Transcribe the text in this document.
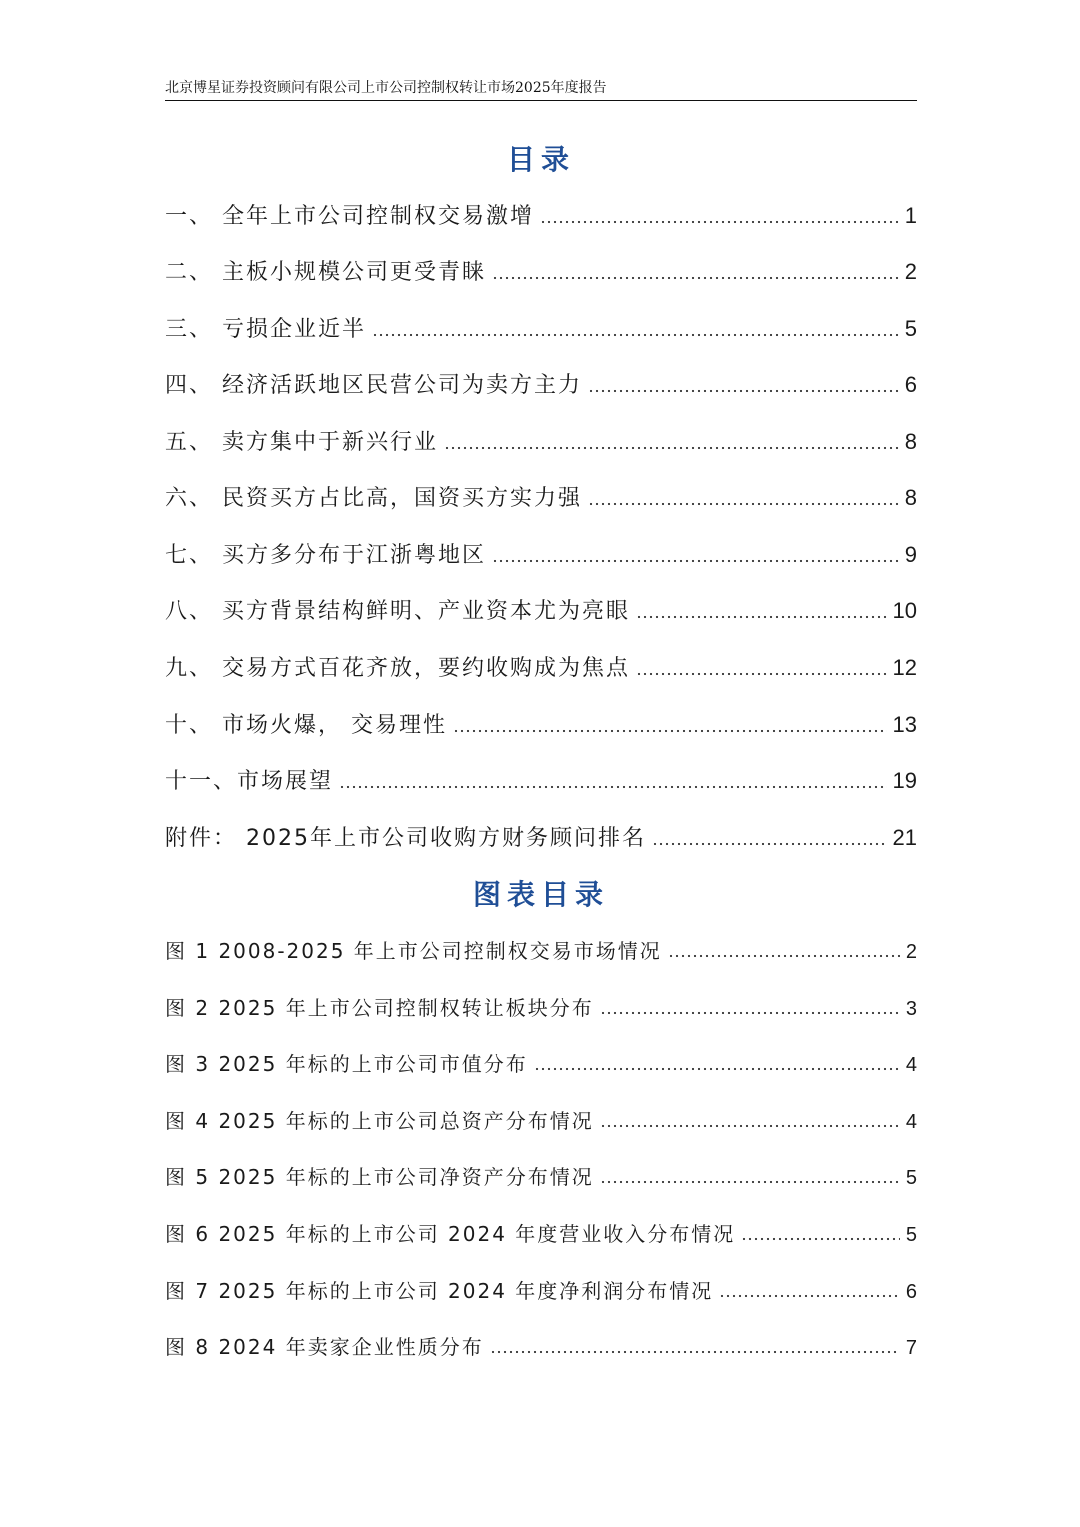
北京博星证券投资顾问有限公司上市公司控制权转让市场2025年度报告
目录
一、 全年上市公司控制权交易激增	1
二、 主板小规模公司更受青睐	2
三、 亏损企业近半	5
四、 经济活跃地区民营公司为卖方主力	6
五、 卖方集中于新兴行业	8
六、 民资买方占比高，国资买方实力强	8
七、 买方多分布于江浙粤地区	9
八、 买方背景结构鲜明、产业资本尤为亮眼	10
九、 交易方式百花齐放，要约收购成为焦点	12
十、 市场火爆， 交易理性	13
十一、市场展望	19
附件： 2025年上市公司收购方财务顾问排名	21
图表目录
图 1 2008-2025 年上市公司控制权交易市场情况	2
图 2 2025 年上市公司控制权转让板块分布	3
图 3 2025 年标的上市公司市值分布	4
图 4 2025 年标的上市公司总资产分布情况	4
图 5 2025 年标的上市公司净资产分布情况	5
图 6 2025 年标的上市公司 2024 年度营业收入分布情况	5
图 7 2025 年标的上市公司 2024 年度净利润分布情况	6
图 8 2024 年卖家企业性质分布	7
